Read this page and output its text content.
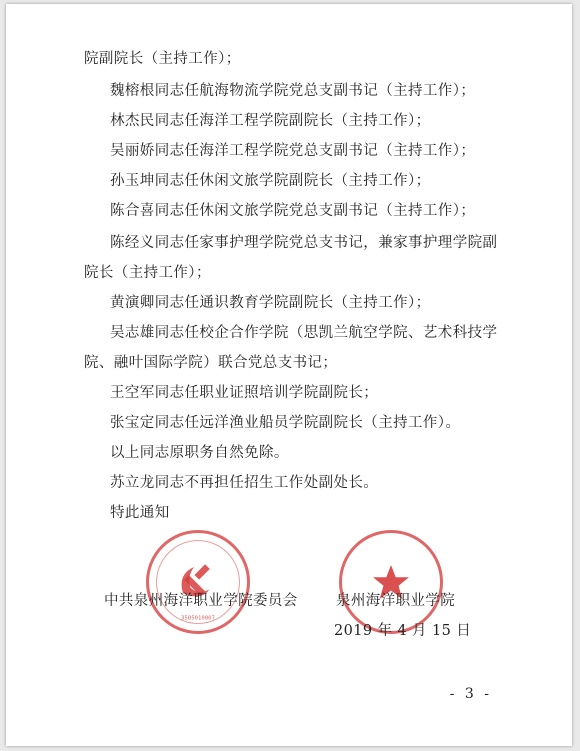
院副院长（主持工作）；
魏榕根同志任航海物流学院党总支副书记（主持工作）；
林杰民同志任海洋工程学院副院长（主持工作）；
吴丽娇同志任海洋工程学院党总支副书记（主持工作）；
孙玉坤同志任休闲文旅学院副院长（主持工作）；
陈合喜同志任休闲文旅学院党总支副书记（主持工作）；
陈经义同志任家事护理学院党总支书记，兼家事护理学院副
院长（主持工作）；
黄演卿同志任通识教育学院副院长（主持工作）；
吴志雄同志任校企合作学院（思凯兰航空学院、艺术科技学
院、融叶国际学院）联合党总支书记；
王空军同志任职业证照培训学院副院长；
张宝定同志任远洋渔业船员学院副院长（主持工作）。
以上同志原职务自然免除。
苏立龙同志不再担任招生工作处副处长。
特此通知
3505010007
中共泉州海洋职业学院委员会	泉州海洋职业学院
2019 年 4 月 15 日
- 3 -
